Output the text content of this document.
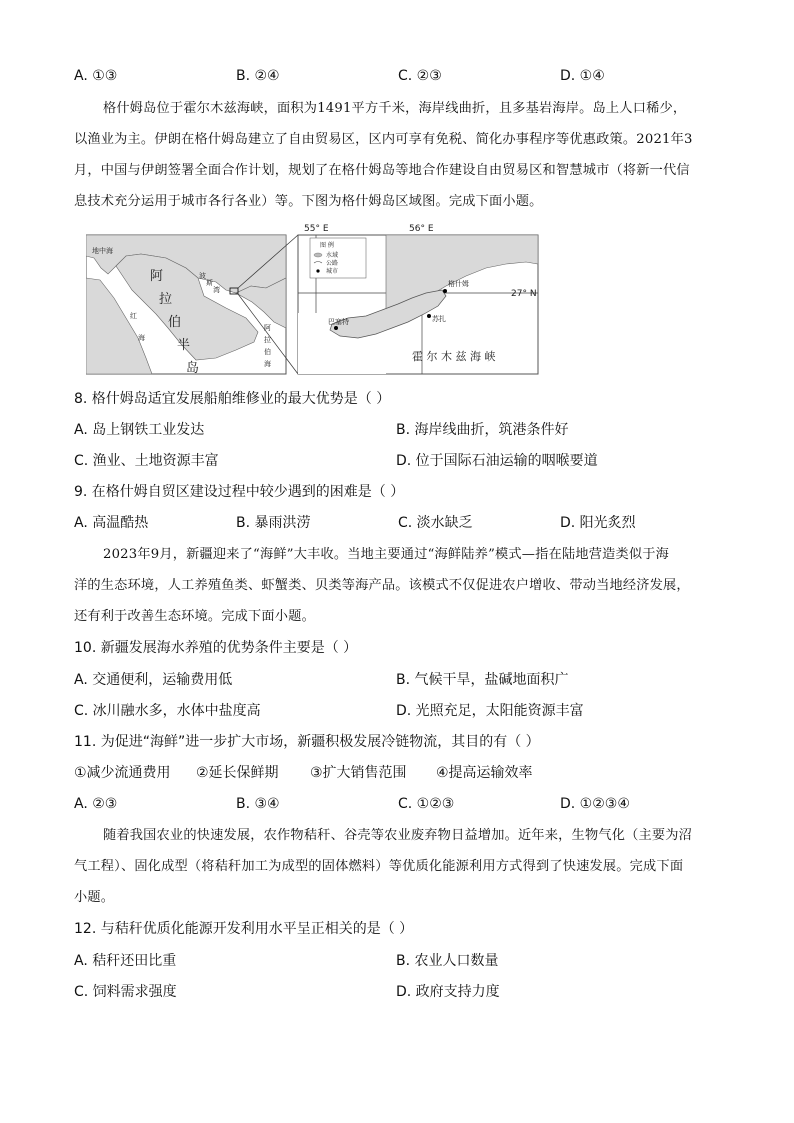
A. ①③	B. ②④	C. ②③	D. ①④
格什姆岛位于霍尔木兹海峡，面积为1491平方千米，海岸线曲折，且多基岩海岸。岛上人口稀少，
以渔业为主。伊朗在格什姆岛建立了自由贸易区，区内可享有免税、简化办事程序等优惠政策。2021年3
月，中国与伊朗签署全面合作计划，规划了在格什姆岛等地合作建设自由贸易区和智慧城市（将新一代信
息技术充分运用于城市各行各业）等。下图为格什姆岛区域图。完成下面小题。
地中海
阿
拉
伯
半
岛
波
斯
湾
红
海
阿
拉
伯
海
55° E	56° E
27° N
图 例
水域
公路
城市
格什姆
巴塞特	苏扎
霍 尔 木 兹 海 峡
8. 格什姆岛适宜发展船舶维修业的最大优势是（ ）
A. 岛上钢铁工业发达	B. 海岸线曲折，筑港条件好
C. 渔业、土地资源丰富	D. 位于国际石油运输的咽喉要道
9. 在格什姆自贸区建设过程中较少遇到的困难是（ ）
A. 高温酷热	B. 暴雨洪涝	C. 淡水缺乏	D. 阳光炙烈
2023年9月，新疆迎来了“海鲜”大丰收。当地主要通过“海鲜陆养”模式—指在陆地营造类似于海
洋的生态环境，人工养殖鱼类、虾蟹类、贝类等海产品。该模式不仅促进农户增收、带动当地经济发展，
还有利于改善生态环境。完成下面小题。
10. 新疆发展海水养殖的优势条件主要是（ ）
A. 交通便利，运输费用低	B. 气候干旱，盐碱地面积广
C. 冰川融水多，水体中盐度高	D. 光照充足，太阳能资源丰富
11. 为促进“海鲜”进一步扩大市场，新疆积极发展冷链物流，其目的有（ ）
①减少流通费用 ②延长保鲜期 ③扩大销售范围 ④提高运输效率
A. ②③	B. ③④	C. ①②③	D. ①②③④
随着我国农业的快速发展，农作物秸秆、谷壳等农业废弃物日益增加。近年来，生物气化（主要为沼
气工程）、固化成型（将秸秆加工为成型的固体燃料）等优质化能源利用方式得到了快速发展。完成下面
小题。
12. 与秸秆优质化能源开发利用水平呈正相关的是（ ）
A. 秸秆还田比重	B. 农业人口数量
C. 饲料需求强度	D. 政府支持力度
